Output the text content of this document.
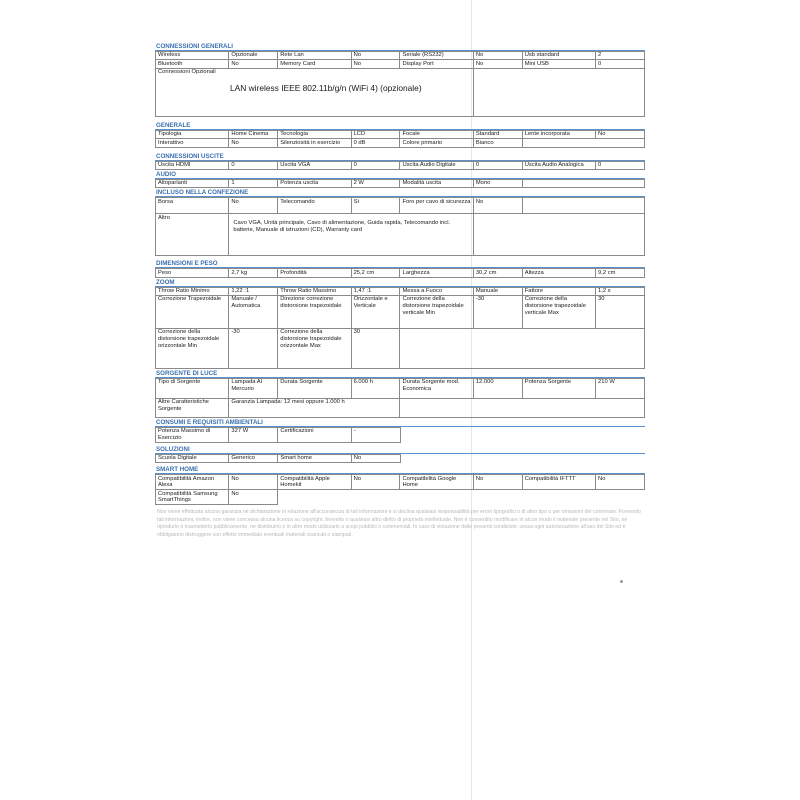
CONNESSIONI GENERALI
Wireless	Opzionale	Rete Lan	No	Seriale (RS232)	No	Usb standard	2
Bluetooth	No	Memory Card	No	Display Port	No	Mini USB	0

Connessioni Opzionali
LAN wireless IEEE 802.11b/g/n (WiFi 4) (opzionale)							

GENERALE
Tipologia	Home Cinema	Tecnologia	LCD	Focale	Standard	Lente incorporata	No
Interattivo	No	Silenziosità in esercizio	0 dB	Colore primario	Bianco		
CONNESSIONI USCITE
Uscita HDMI	0	Uscita VGA	0	Uscita Audio Digitale	0	Uscita Audio Analogica	0
AUDIO
Altoparlanti	1	Potenza uscita	2 W	Modalità uscita	Mono	
INCLUSO NELLA CONFEZIONE
Borsa	No	Telecomando	Sì	Foro per cavo di sicurezza	No	
Altro	Cavo VGA, Unità principale, Cavo di alimentazione, Guida rapida, Telecomando incl. batterie, Manuale di istruzioni (CD), Warranty card					
DIMENSIONI E PESO
Peso	2,7 kg	Profondità	25,2 cm	Larghezza	30,2 cm	Altezza	9,2 cm
ZOOM
Throw Ratio Minimo	1,22 :1	Throw Ratio Massimo	1,47 :1	Messa a Fuoco	Manuale	Fattore	1,2 x
Correzione Trapezoidale	Manuale / Automatica	Direzione correzione distorsione trapezoidale	Orizzontale e Verticale	Correzione della distorsione trapezoidale verticale Min	-30	Correzione della distorsione trapezoidale verticale Max	30
Correzione della distorsione trapezoidale orizzontale Min	-30	Correzione della distorsione trapezoidale orizzontale Max	30				
SORGENTE DI LUCE
Tipo di Sorgente	Lampada Al Mercurio	Durata Sorgente	6.000 h	Durata Sorgente mod. Economica	12.000	Potenza Sorgente	210 W
Altre Caratteristiche Sorgente	Garanzia Lampada: 12 mesi oppure 1.000 h						
CONSUMI E REQUISITI AMBIENTALI
Potenza Massimo di Esercizio	327 W	Certificazioni	-	
SOLUZIONI
Scuola Digitale	Generico	Smart home	No	
SMART HOME
Compatibilità Amazon Alexa	No	Compatibilità Apple Homekit	No	Compatibilità Google Home	No	Compatibilità IFTTT	No
Compatibilità Samsung SmartThings	No						
Non viene effettuata alcuna garanzia né dichiarazione in relazione all'accuratezza di tali informazioni e si declina qualsiasi responsabilità per errori tipografici o di altro tipo o per omissioni del contenuto. Fornendo tali informazioni, inoltre, non viene concessa alcuna licenza su copyright, brevetto o qualsiasi altro diritto di proprietà intellettuale. Non è consentito modificare in alcun modo il materiale presente nel Sito, né riprodurlo o trasmetterlo pubblicamente, ne distribuirlo o in altro modo utilizzarlo a scopi pubblici o commerciali. In caso di violazione delle presenti condizioni, cessa ogni autorizzazione all'uso del Sito ed è obbligatorio distruggere con effetto immediato eventuali materiali scaricati o stampati.
